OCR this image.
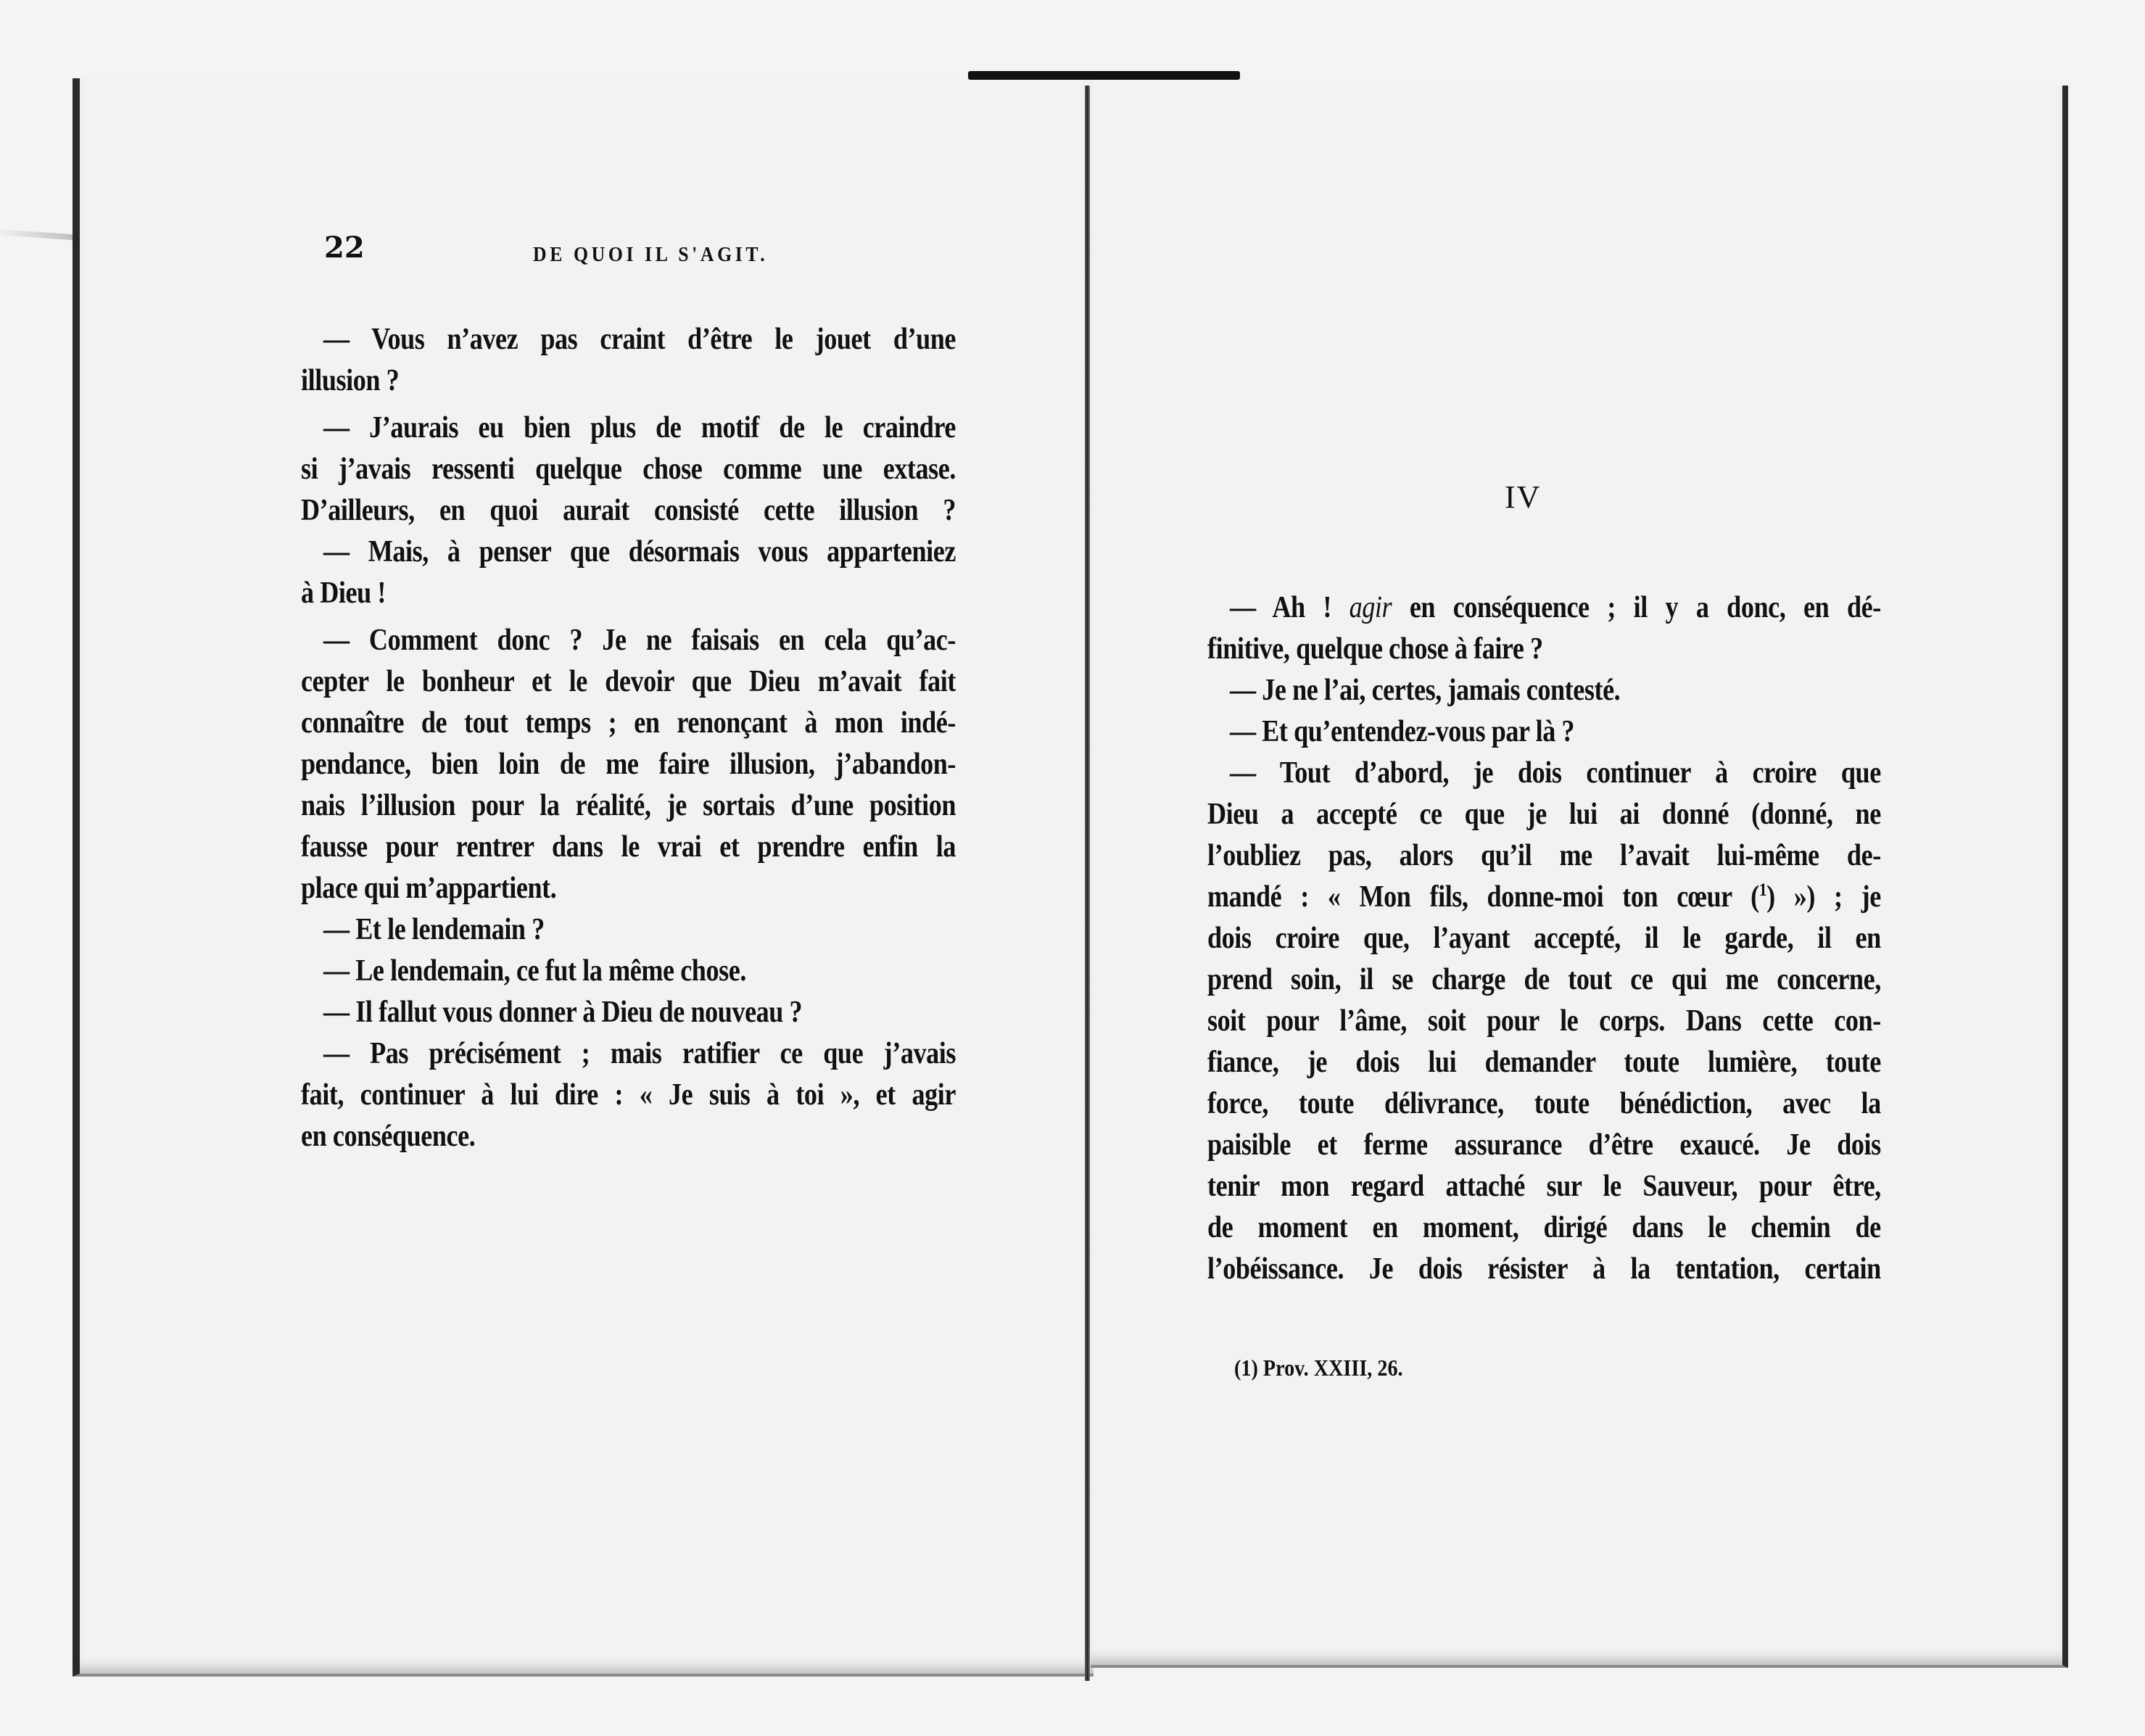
22	DE QUOI IL S'AGIT.
— Vous n’avez pas craint d’être le jouet d’une
illusion ?
— J’aurais eu bien plus de motif de le craindre
si j’avais ressenti quelque chose comme une extase.
D’ailleurs, en quoi aurait consisté cette illusion ?
— Mais, à penser que désormais vous apparteniez
à Dieu !
— Comment donc ? Je ne faisais en cela qu’ac-
cepter le bonheur et le devoir que Dieu m’avait fait
connaître de tout temps ; en renonçant à mon indé-
pendance, bien loin de me faire illusion, j’abandon-
nais l’illusion pour la réalité, je sortais d’une position
fausse pour rentrer dans le vrai et prendre enfin la
place qui m’appartient.
— Et le lendemain ?
— Le lendemain, ce fut la même chose.
— Il fallut vous donner à Dieu de nouveau ?
— Pas précisément ; mais ratifier ce que j’avais
fait, continuer à lui dire : « Je suis à toi », et agir
en conséquence.
IV
— Ah ! agir en conséquence ; il y a donc, en dé-
finitive, quelque chose à faire ?
— Je ne l’ai, certes, jamais contesté.
— Et qu’entendez-vous par là ?
— Tout d’abord, je dois continuer à croire que
Dieu a accepté ce que je lui ai donné (donné, ne
l’oubliez pas, alors qu’il me l’avait lui-même de-
mandé : « Mon fils, donne-moi ton cœur ($^1$) ») ; je
dois croire que, l’ayant accepté, il le garde, il en
prend soin, il se charge de tout ce qui me concerne,
soit pour l’âme, soit pour le corps. Dans cette con-
fiance, je dois lui demander toute lumière, toute
force, toute délivrance, toute bénédiction, avec la
paisible et ferme assurance d’être exaucé. Je dois
tenir mon regard attaché sur le Sauveur, pour être,
de moment en moment, dirigé dans le chemin de
l’obéissance. Je dois résister à la tentation, certain
(1) Prov. XXIII, 26.
